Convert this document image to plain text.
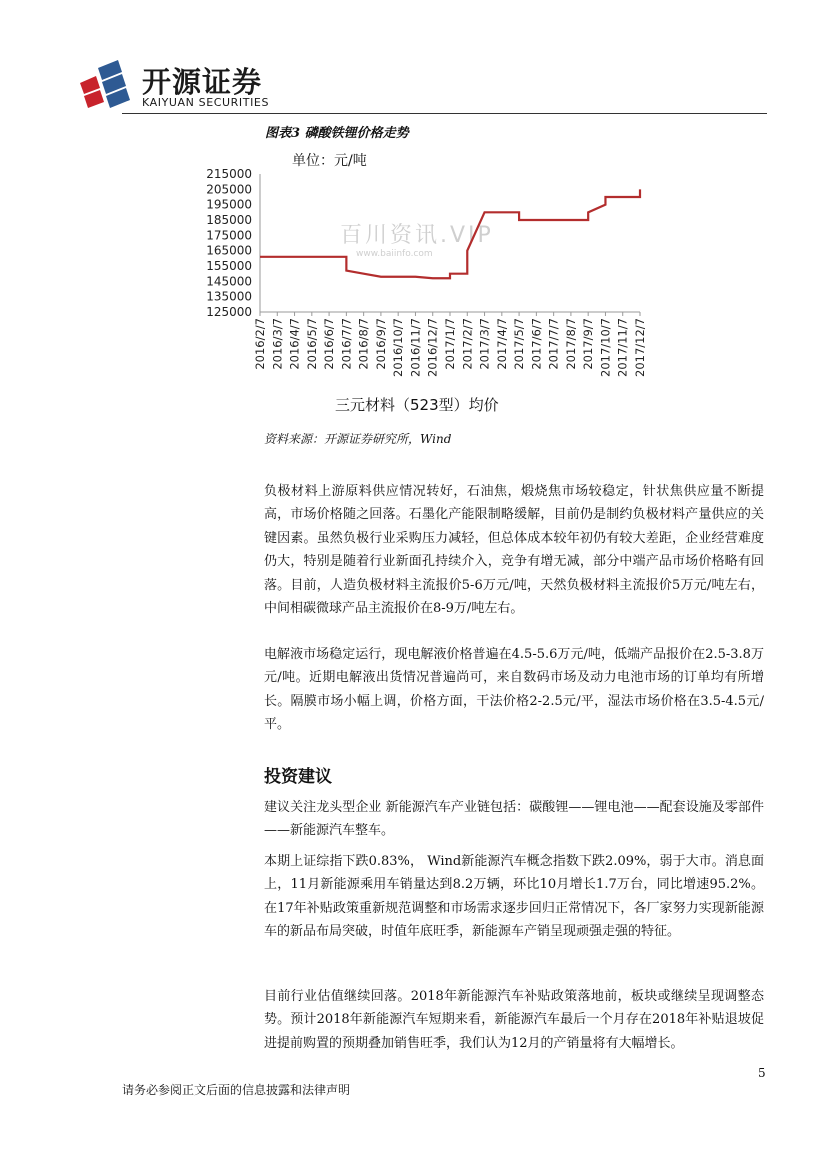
开源证券
KAIYUAN SECURITIES
图表3 磷酸铁锂价格走势
百川资讯.VIP
www.baiinfo.com
215000
205000
195000
185000
175000
165000
155000
145000
135000
125000
2016/2/7 2016/3/7 2016/4/7 2016/5/7 2016/6/7 2016/7/7 2016/8/7 2016/9/7 2016/10/7 2016/11/7 2016/12/7 2017/1/7 2017/2/7 2017/3/7 2017/4/7 2017/5/7 2017/6/7 2017/7/7 2017/8/7 2017/9/7 2017/10/7 2017/11/7 2017/12/7
单位：元/吨
三元材料（523型）均价
资料来源：开源证券研究所，Wind

负极材料上游原料供应情况转好，石油焦，煅烧焦市场较稳定，针状焦供应量不断提高，市场价格随之回落。石墨化产能限制略缓解，目前仍是制约负极材料产量供应的关键因素。虽然负极行业采购压力减轻，但总体成本较年初仍有较大差距，企业经营难度仍大，特别是随着行业新面孔持续介入，竞争有增无减，部分中端产品市场价格略有回落。目前，人造负极材料主流报价5-6万元/吨，天然负极材料主流报价5万元/吨左右，中间相碳微球产品主流报价在8-9万/吨左右。

电解液市场稳定运行，现电解液价格普遍在4.5-5.6万元/吨，低端产品报价在2.5-3.8万元/吨。近期电解液出货情况普遍尚可，来自数码市场及动力电池市场的订单均有所增长。隔膜市场小幅上调，价格方面，干法价格2-2.5元/平，湿法市场价格在3.5-4.5元/平。

投资建议

建议关注龙头型企业 新能源汽车产业链包括：碳酸锂——锂电池——配套设施及零部件——新能源汽车整车。

本期上证综指下跌0.83%， Wind新能源汽车概念指数下跌2.09%，弱于大市。消息面上，11月新能源乘用车销量达到8.2万辆，环比10月增长1.7万台，同比增速95.2%。在17年补贴政策重新规范调整和市场需求逐步回归正常情况下，各厂家努力实现新能源车的新品布局突破，时值年底旺季，新能源车产销呈现顽强走强的特征。

目前行业估值继续回落。2018年新能源汽车补贴政策落地前，板块或继续呈现调整态势。预计2018年新能源汽车短期来看，新能源汽车最后一个月存在2018年补贴退坡促进提前购置的预期叠加销售旺季，我们认为12月的产销量将有大幅增长。

5
请务必参阅正文后面的信息披露和法律声明
